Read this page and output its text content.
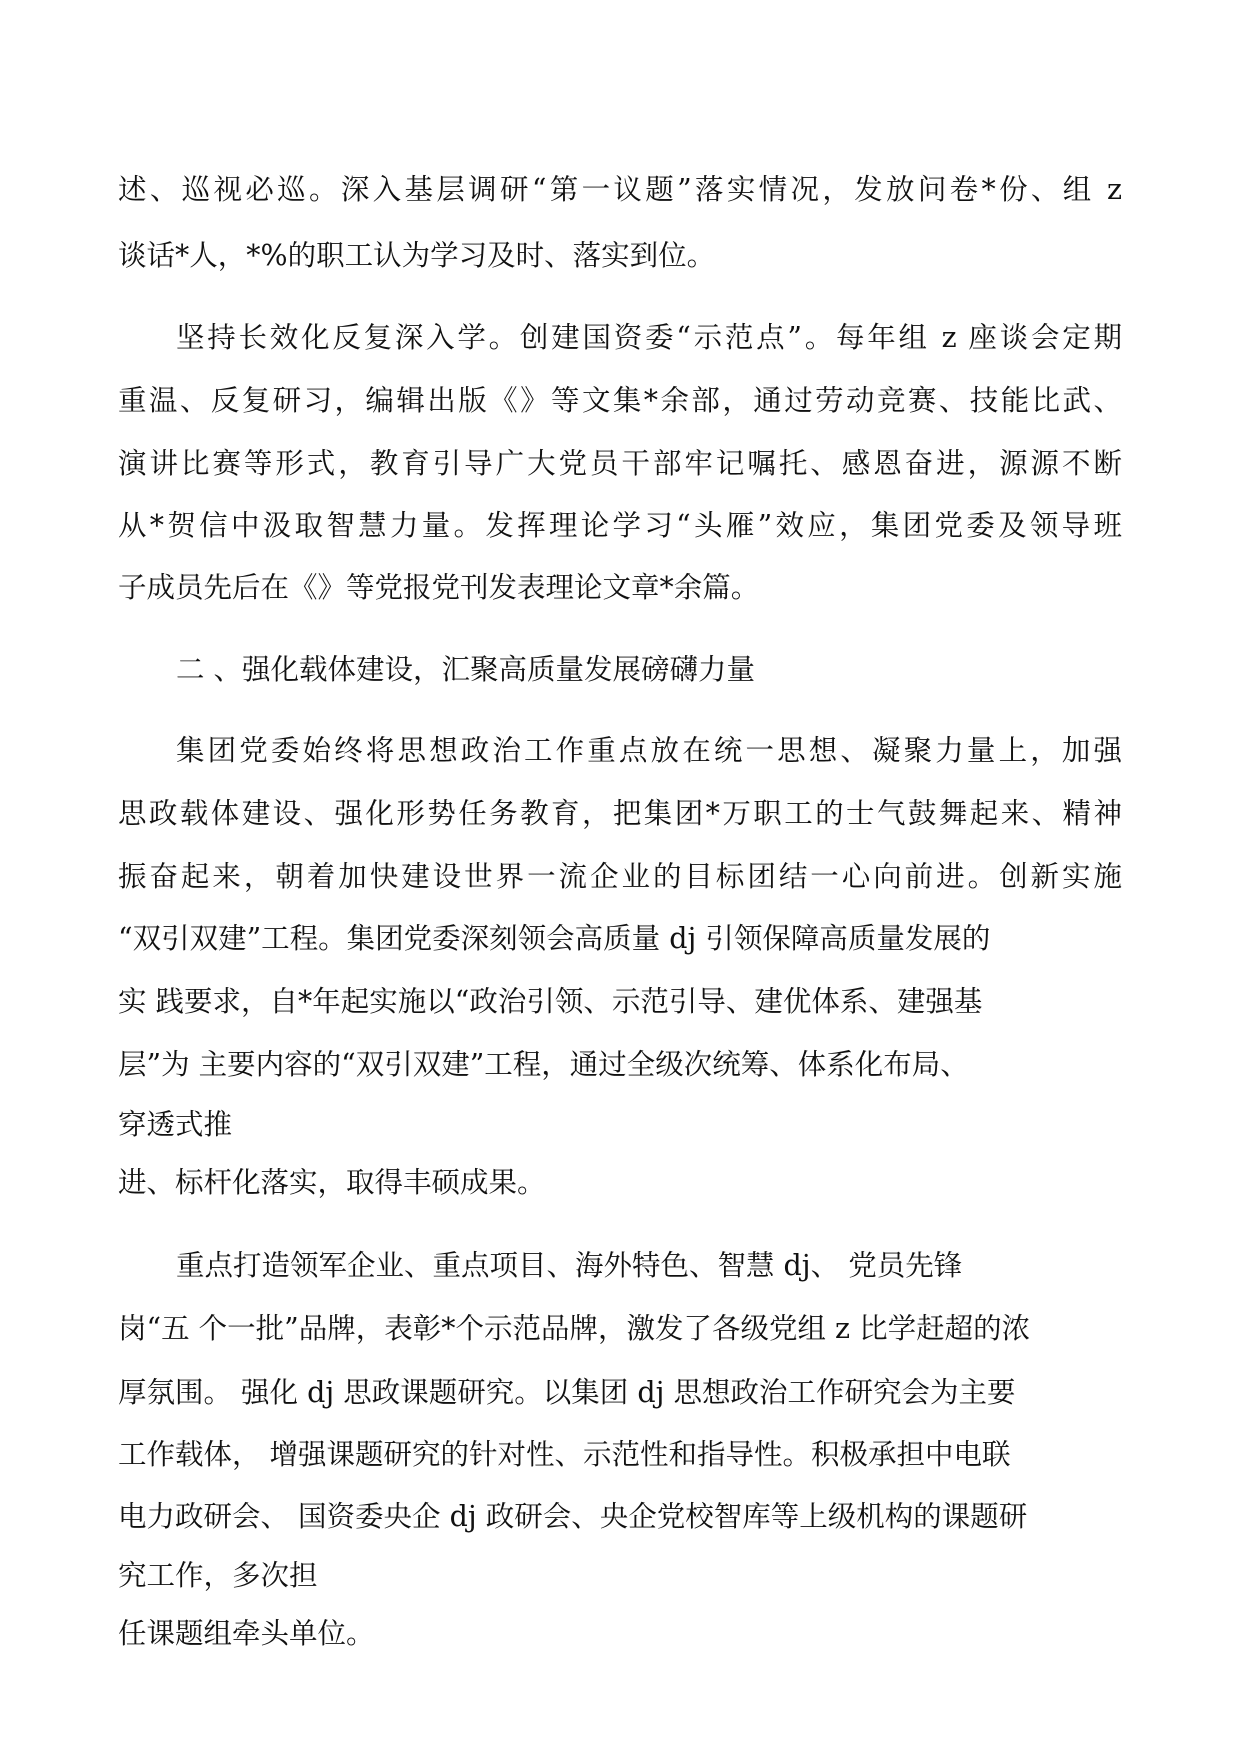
述、巡视必巡。深入基层调研“第一议题”落实情况，发放问卷*份、组 z
谈话*人，*%的职工认为学习及时、落实到位。
坚持长效化反复深入学。创建国资委“示范点”。每年组 z 座谈会定期
重温、反复研习，编辑出版《》等文集*余部，通过劳动竞赛、技能比武、
演讲比赛等形式，教育引导广大党员干部牢记嘱托、感恩奋进，源源不断
从*贺信中汲取智慧力量。发挥理论学习“头雁”效应，集团党委及领导班
子成员先后在《》等党报党刊发表理论文章*余篇。
二 、强化载体建设，汇聚高质量发展磅礴力量
集团党委始终将思想政治工作重点放在统一思想、凝聚力量上，加强
思政载体建设、强化形势任务教育，把集团*万职工的士气鼓舞起来、精神
振奋起来，朝着加快建设世界一流企业的目标团结一心向前进。创新实施
“双引双建”工程。集团党委深刻领会高质量 dj 引领保障高质量发展的
实 践要求，自*年起实施以“政治引领、示范引导、建优体系、建强基
层”为 主要内容的“双引双建”工程，通过全级次统筹、体系化布局、
穿透式推
进、标杆化落实，取得丰硕成果。
重点打造领军企业、重点项目、海外特色、智慧 dj、 党员先锋
岗“五 个一批”品牌，表彰*个示范品牌，激发了各级党组 z 比学赶超的浓
厚氛围。 强化 dj 思政课题研究。以集团 dj 思想政治工作研究会为主要
工作载体， 增强课题研究的针对性、示范性和指导性。积极承担中电联
电力政研会、 国资委央企 dj 政研会、央企党校智库等上级机构的课题研
究工作，多次担
任课题组牵头单位。
